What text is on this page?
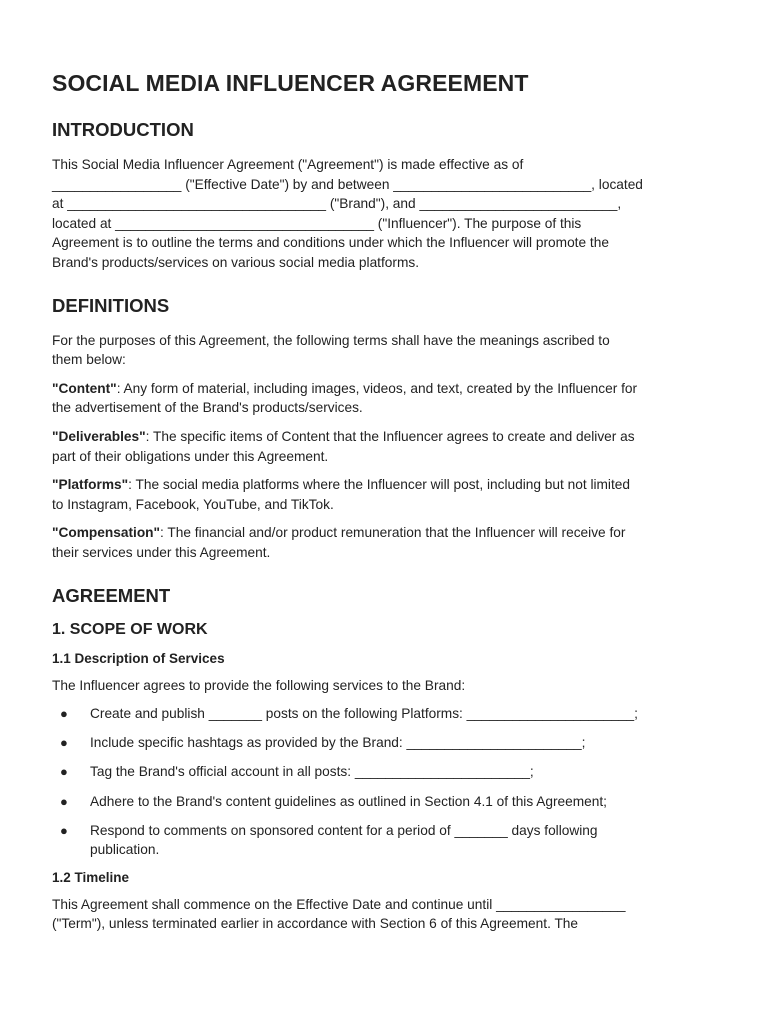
SOCIAL MEDIA INFLUENCER AGREEMENT
INTRODUCTION

This Social Media Influencer Agreement ("Agreement") is made effective as of
_________________ ("Effective Date") by and between __________________________, located
at __________________________________ ("Brand"), and __________________________,
located at __________________________________ ("Influencer"). The purpose of this
Agreement is to outline the terms and conditions under which the Influencer will promote the
Brand's products/services on various social media platforms.

DEFINITIONS

For the purposes of this Agreement, the following terms shall have the meanings ascribed to
them below:

"Content": Any form of material, including images, videos, and text, created by the Influencer for
the advertisement of the Brand's products/services.

"Deliverables": The specific items of Content that the Influencer agrees to create and deliver as
part of their obligations under this Agreement.

"Platforms": The social media platforms where the Influencer will post, including but not limited
to Instagram, Facebook, YouTube, and TikTok.

"Compensation": The financial and/or product remuneration that the Influencer will receive for
their services under this Agreement.

AGREEMENT
1. SCOPE OF WORK
1.1 Description of Services

The Influencer agrees to provide the following services to the Brand:

● Create and publish _______ posts on the following Platforms: ______________________;
● Include specific hashtags as provided by the Brand: _______________________;
● Tag the Brand's official account in all posts: _______________________;
● Adhere to the Brand's content guidelines as outlined in Section 4.1 of this Agreement;
● Respond to comments on sponsored content for a period of _______ days following
publication.
1.2 Timeline

This Agreement shall commence on the Effective Date and continue until _________________
("Term"), unless terminated earlier in accordance with Section 6 of this Agreement. The
